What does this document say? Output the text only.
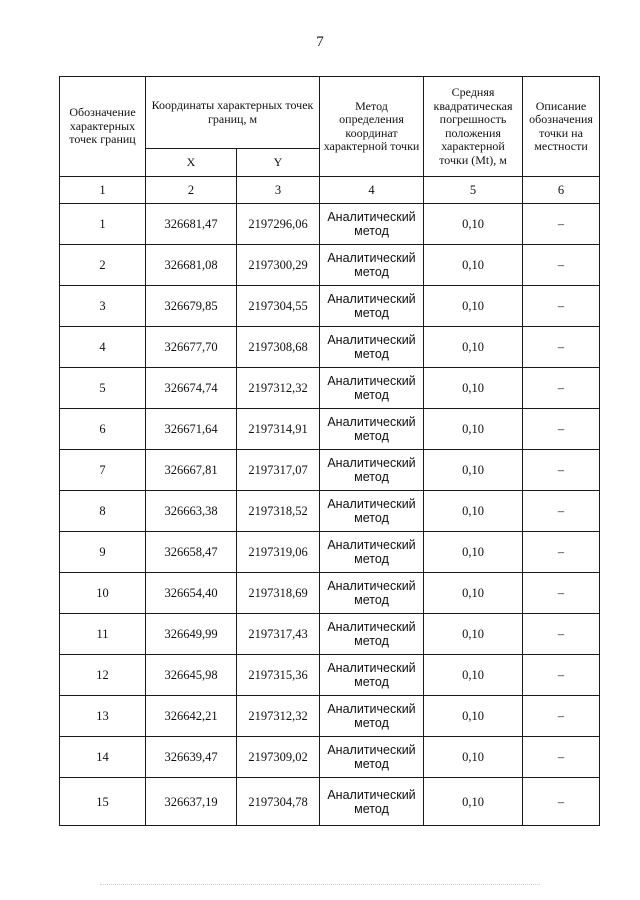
7
Обозначение характерных точек границ	Координаты характерных точек границ, м		Метод определения координат характерной точки	Средняя квадратическая погрешность положения характерной точки (Mt), м	Описание обозначения точки на местности
	X	Y			
1	2	3	4	5	6
1	326681,47	2197296,06	Аналитический метод	0,10	–
2	326681,08	2197300,29	Аналитический метод	0,10	–
3	326679,85	2197304,55	Аналитический метод	0,10	–
4	326677,70	2197308,68	Аналитический метод	0,10	–
5	326674,74	2197312,32	Аналитический метод	0,10	–
6	326671,64	2197314,91	Аналитический метод	0,10	–
7	326667,81	2197317,07	Аналитический метод	0,10	–
8	326663,38	2197318,52	Аналитический метод	0,10	–
9	326658,47	2197319,06	Аналитический метод	0,10	–
10	326654,40	2197318,69	Аналитический метод	0,10	–
11	326649,99	2197317,43	Аналитический метод	0,10	–
12	326645,98	2197315,36	Аналитический метод	0,10	–
13	326642,21	2197312,32	Аналитический метод	0,10	–
14	326639,47	2197309,02	Аналитический метод	0,10	–
15	326637,19	2197304,78	Аналитический метод	0,10	–
